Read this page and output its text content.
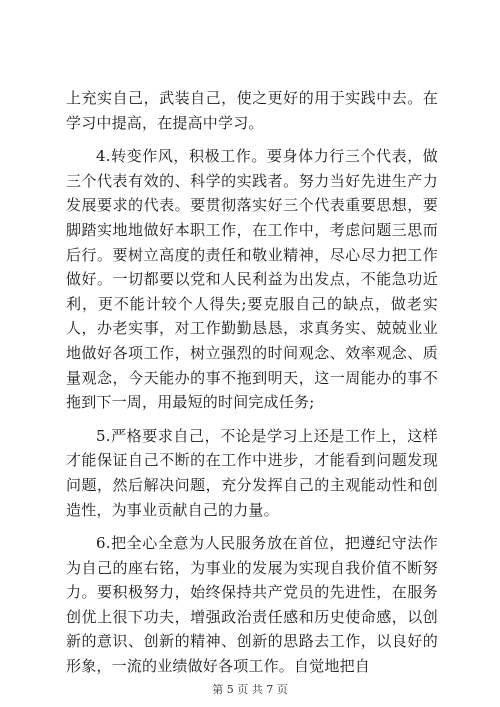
上充实自己，武装自己，使之更好的用于实践中去。在学习中提高，在提高中学习。

4.转变作风，积极工作。要身体力行三个代表，做三个代表有效的、科学的实践者。努力当好先进生产力发展要求的代表。要贯彻落实好三个代表重要思想，要脚踏实地地做好本职工作，在工作中，考虑问题三思而后行。要树立高度的责任和敬业精神，尽心尽力把工作做好。一切都要以党和人民利益为出发点，不能急功近利，更不能计较个人得失;要克服自己的缺点，做老实人，办老实事，对工作勤勤恳恳，求真务实、兢兢业业地做好各项工作，树立强烈的时间观念、效率观念、质量观念，今天能办的事不拖到明天，这一周能办的事不拖到下一周，用最短的时间完成任务;

5.严格要求自己，不论是学习上还是工作上，这样才能保证自己不断的在工作中进步，才能看到问题发现问题，然后解决问题，充分发挥自己的主观能动性和创造性，为事业贡献自己的力量。

6.把全心全意为人民服务放在首位，把遵纪守法作为自己的座右铭，为事业的发展为实现自我价值不断努力。要积极努力，始终保持共产党员的先进性，在服务创优上很下功夫，增强政治责任感和历史使命感，以创新的意识、创新的精神、创新的思路去工作，以良好的形象，一流的业绩做好各项工作。自觉地把自

第 5 页 共 7 页
